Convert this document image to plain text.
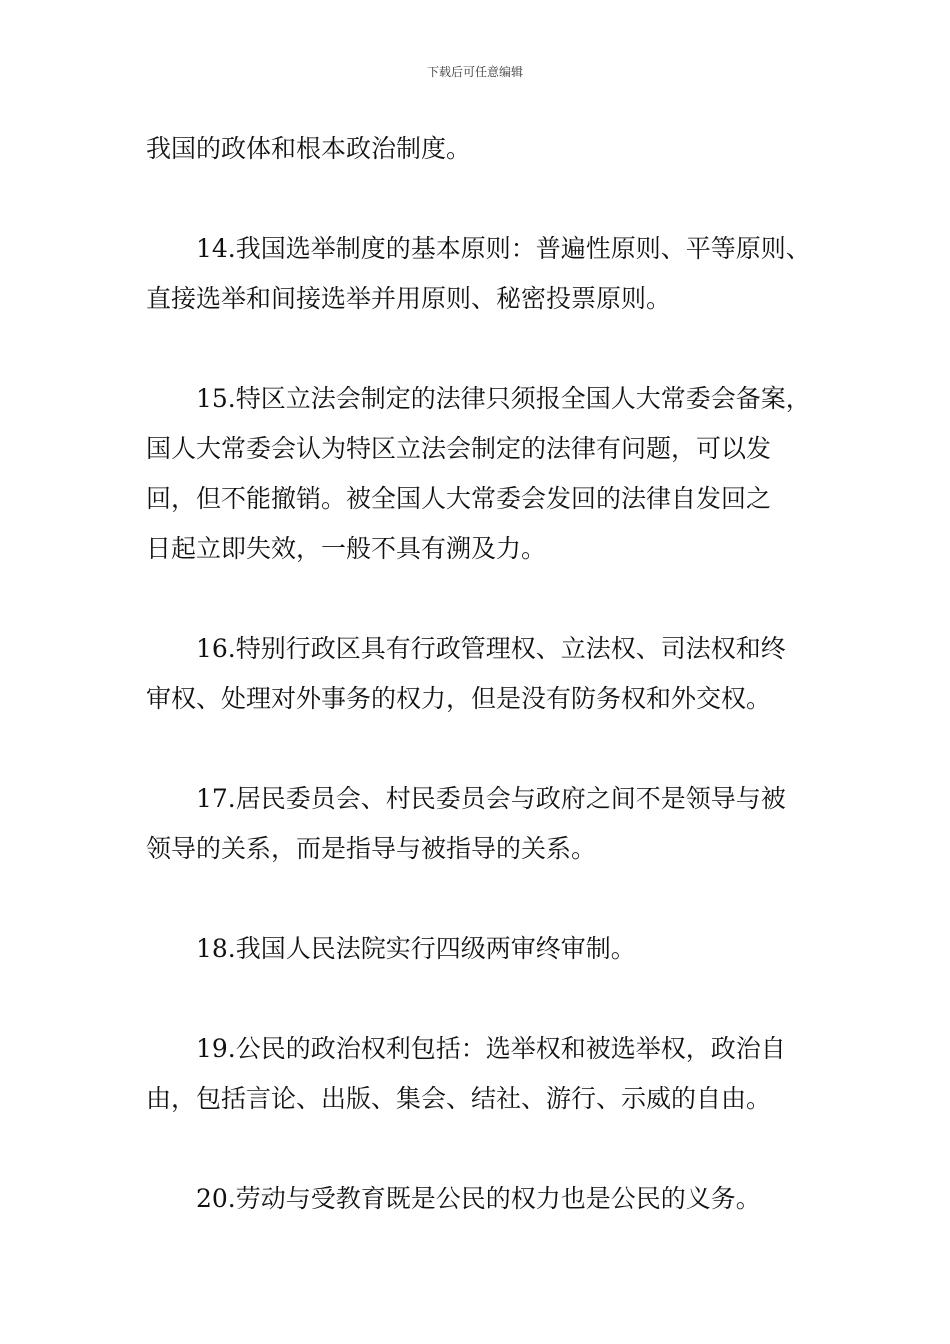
下载后可任意编辑

我国的政体和根本政治制度。

14.我国选举制度的基本原则：普遍性原则、平等原则、
直接选举和间接选举并用原则、秘密投票原则。

15.特区立法会制定的法律只须报全国人大常委会备案，
国人大常委会认为特区立法会制定的法律有问题，可以发
回，但不能撤销。被全国人大常委会发回的法律自发回之
日起立即失效，一般不具有溯及力。

16.特别行政区具有行政管理权、立法权、司法权和终
审权、处理对外事务的权力，但是没有防务权和外交权。

17.居民委员会、村民委员会与政府之间不是领导与被
领导的关系，而是指导与被指导的关系。

18.我国人民法院实行四级两审终审制。

19.公民的政治权利包括：选举权和被选举权，政治自
由，包括言论、出版、集会、结社、游行、示威的自由。

20.劳动与受教育既是公民的权力也是公民的义务。
